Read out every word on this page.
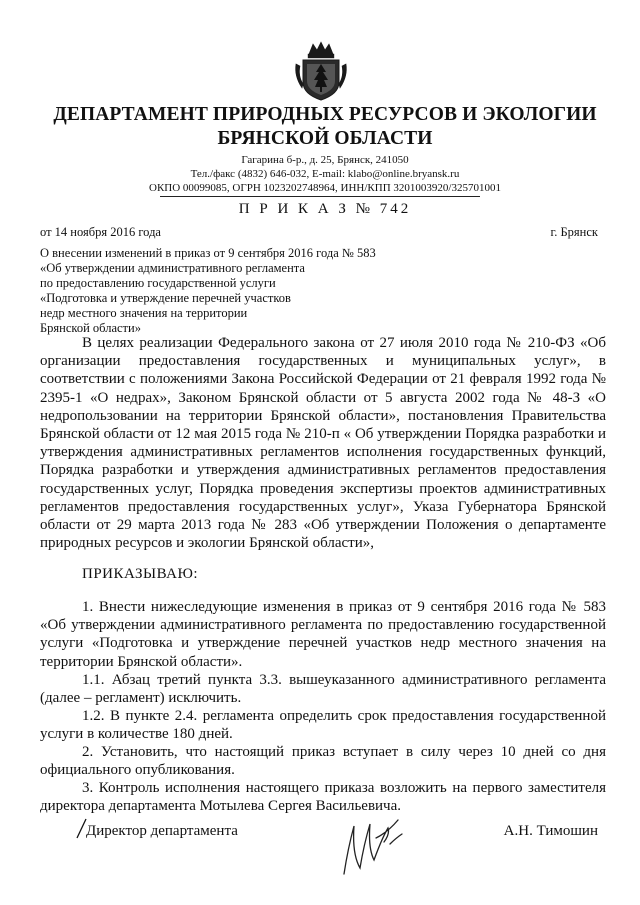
ДЕПАРТАМЕНТ ПРИРОДНЫХ РЕСУРСОВ И ЭКОЛОГИИ
БРЯНСКОЙ ОБЛАСТИ
Гагарина б-р., д. 25, Брянск, 241050
Тел./факс (4832) 646-032, E-mail: klabo@online.bryansk.ru
ОКПО 00099085, ОГРН 1023202748964, ИНН/КПП 3201003920/325701001
П Р И К А З № 742
от 14 ноября 2016 года	г. Брянск
О внесении изменений в приказ от 9 сентября 2016 года № 583
«Об утверждении административного регламента
по предоставлению государственной услуги
«Подготовка и утверждение перечней участков
недр местного значения на территории
Брянской области»

В целях реализации Федерального закона от 27 июля 2010 года № 210-ФЗ «Об организации предоставления государственных и муниципальных услуг», в соответствии с положениями Закона Российской Федерации от 21 февраля 1992 года № 2395-1 «О недрах», Законом Брянской области от 5 августа 2002 года № 48-З «О недропользовании на территории Брянской области», постановления Правительства Брянской области от 12 мая 2015 года № 210-п « Об утверждении Порядка разработки и утверждения административных регламентов исполнения государственных функций, Порядка разработки и утверждения административных регламентов предоставления государственных услуг, Порядка проведения экспертизы проектов административных регламентов предоставления государственных услуг», Указа Губернатора Брянской области от 29 марта 2013 года № 283 «Об утверждении Положения о департаменте природных ресурсов и экологии Брянской области»,

ПРИКАЗЫВАЮ:

1. Внести нижеследующие изменения в приказ от 9 сентября 2016 года № 583 «Об утверждении административного регламента по предоставлению государственной услуги «Подготовка и утверждение перечней участков недр местного значения на территории Брянской области».

1.1. Абзац третий пункта 3.3. вышеуказанного административного регламента (далее – регламент) исключить.

1.2. В пункте 2.4. регламента определить срок предоставления государственной услуги в количестве 180 дней.

2. Установить, что настоящий приказ вступает в силу через 10 дней со дня официального опубликования.

3. Контроль исполнения настоящего приказа возложить на первого заместителя директора департамента Мотылева Сергея Васильевича.

Директор департамента	А.Н. Тимошин
